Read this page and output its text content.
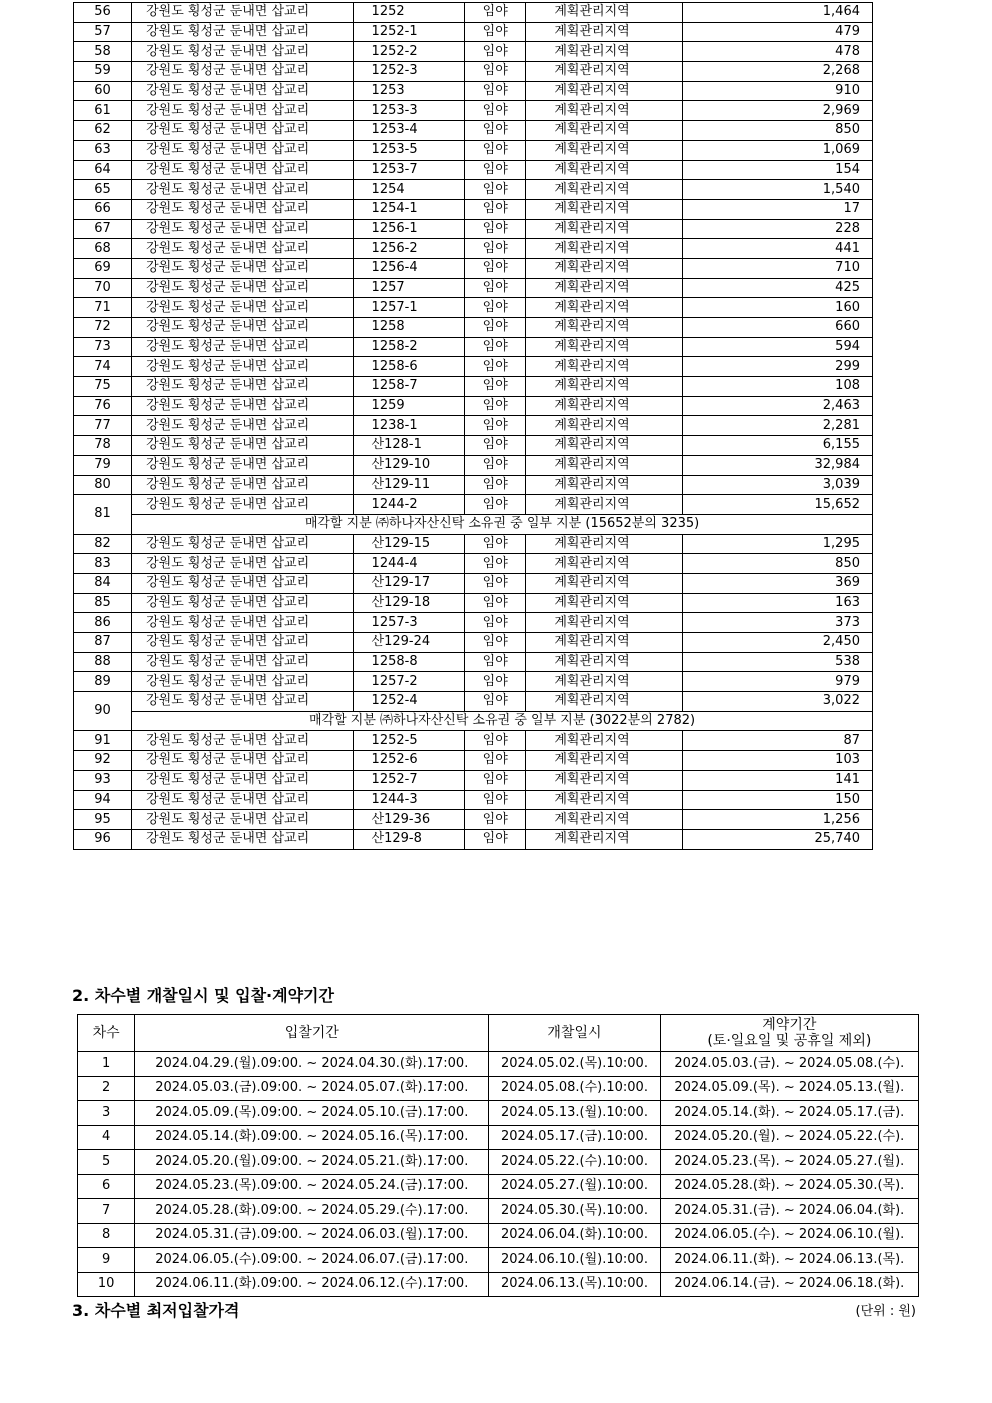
56	강원도 횡성군 둔내면 삽교리	1252	임야	계획관리지역	1,464
57	강원도 횡성군 둔내면 삽교리	1252-1	임야	계획관리지역	479
58	강원도 횡성군 둔내면 삽교리	1252-2	임야	계획관리지역	478
59	강원도 횡성군 둔내면 삽교리	1252-3	임야	계획관리지역	2,268
60	강원도 횡성군 둔내면 삽교리	1253	임야	계획관리지역	910
61	강원도 횡성군 둔내면 삽교리	1253-3	임야	계획관리지역	2,969
62	강원도 횡성군 둔내면 삽교리	1253-4	임야	계획관리지역	850
63	강원도 횡성군 둔내면 삽교리	1253-5	임야	계획관리지역	1,069
64	강원도 횡성군 둔내면 삽교리	1253-7	임야	계획관리지역	154
65	강원도 횡성군 둔내면 삽교리	1254	임야	계획관리지역	1,540
66	강원도 횡성군 둔내면 삽교리	1254-1	임야	계획관리지역	17
67	강원도 횡성군 둔내면 삽교리	1256-1	임야	계획관리지역	228
68	강원도 횡성군 둔내면 삽교리	1256-2	임야	계획관리지역	441
69	강원도 횡성군 둔내면 삽교리	1256-4	임야	계획관리지역	710
70	강원도 횡성군 둔내면 삽교리	1257	임야	계획관리지역	425
71	강원도 횡성군 둔내면 삽교리	1257-1	임야	계획관리지역	160
72	강원도 횡성군 둔내면 삽교리	1258	임야	계획관리지역	660
73	강원도 횡성군 둔내면 삽교리	1258-2	임야	계획관리지역	594
74	강원도 횡성군 둔내면 삽교리	1258-6	임야	계획관리지역	299
75	강원도 횡성군 둔내면 삽교리	1258-7	임야	계획관리지역	108
76	강원도 횡성군 둔내면 삽교리	1259	임야	계획관리지역	2,463
77	강원도 횡성군 둔내면 삽교리	1238-1	임야	계획관리지역	2,281
78	강원도 횡성군 둔내면 삽교리	산128-1	임야	계획관리지역	6,155
79	강원도 횡성군 둔내면 삽교리	산129-10	임야	계획관리지역	32,984
80	강원도 횡성군 둔내면 삽교리	산129-11	임야	계획관리지역	3,039
81	강원도 횡성군 둔내면 삽교리	1244-2	임야	계획관리지역	15,652
	매각할 지분 ㈜하나자산신탁 소유권 중 일부 지분 (15652분의 3235)				
82	강원도 횡성군 둔내면 삽교리	산129-15	임야	계획관리지역	1,295
83	강원도 횡성군 둔내면 삽교리	1244-4	임야	계획관리지역	850
84	강원도 횡성군 둔내면 삽교리	산129-17	임야	계획관리지역	369
85	강원도 횡성군 둔내면 삽교리	산129-18	임야	계획관리지역	163
86	강원도 횡성군 둔내면 삽교리	1257-3	임야	계획관리지역	373
87	강원도 횡성군 둔내면 삽교리	산129-24	임야	계획관리지역	2,450
88	강원도 횡성군 둔내면 삽교리	1258-8	임야	계획관리지역	538
89	강원도 횡성군 둔내면 삽교리	1257-2	임야	계획관리지역	979
90	강원도 횡성군 둔내면 삽교리	1252-4	임야	계획관리지역	3,022
	매각할 지분 ㈜하나자산신탁 소유권 중 일부 지분 (3022분의 2782)				
91	강원도 횡성군 둔내면 삽교리	1252-5	임야	계획관리지역	87
92	강원도 횡성군 둔내면 삽교리	1252-6	임야	계획관리지역	103
93	강원도 횡성군 둔내면 삽교리	1252-7	임야	계획관리지역	141
94	강원도 횡성군 둔내면 삽교리	1244-3	임야	계획관리지역	150
95	강원도 횡성군 둔내면 삽교리	산129-36	임야	계획관리지역	1,256
96	강원도 횡성군 둔내면 삽교리	산129-8	임야	계획관리지역	25,740
2. 차수별 개찰일시 및 입찰·계약기간
차수	입찰기간	개찰일시	계약기간
(토·일요일 및 공휴일 제외)

1	2024.04.29.(월).09:00. ~ 2024.04.30.(화).17:00.	2024.05.02.(목).10:00.	2024.05.03.(금). ~ 2024.05.08.(수).
2	2024.05.03.(금).09:00. ~ 2024.05.07.(화).17:00.	2024.05.08.(수).10:00.	2024.05.09.(목). ~ 2024.05.13.(월).
3	2024.05.09.(목).09:00. ~ 2024.05.10.(금).17:00.	2024.05.13.(월).10:00.	2024.05.14.(화). ~ 2024.05.17.(금).
4	2024.05.14.(화).09:00. ~ 2024.05.16.(목).17:00.	2024.05.17.(금).10:00.	2024.05.20.(월). ~ 2024.05.22.(수).
5	2024.05.20.(월).09:00. ~ 2024.05.21.(화).17:00.	2024.05.22.(수).10:00.	2024.05.23.(목). ~ 2024.05.27.(월).
6	2024.05.23.(목).09:00. ~ 2024.05.24.(금).17:00.	2024.05.27.(월).10:00.	2024.05.28.(화). ~ 2024.05.30.(목).
7	2024.05.28.(화).09:00. ~ 2024.05.29.(수).17:00.	2024.05.30.(목).10:00.	2024.05.31.(금). ~ 2024.06.04.(화).
8	2024.05.31.(금).09:00. ~ 2024.06.03.(월).17:00.	2024.06.04.(화).10:00.	2024.06.05.(수). ~ 2024.06.10.(월).
9	2024.06.05.(수).09:00. ~ 2024.06.07.(금).17:00.	2024.06.10.(월).10:00.	2024.06.11.(화). ~ 2024.06.13.(목).
10	2024.06.11.(화).09:00. ~ 2024.06.12.(수).17:00.	2024.06.13.(목).10:00.	2024.06.14.(금). ~ 2024.06.18.(화).
3. 차수별 최저입찰가격	(단위 : 원)
